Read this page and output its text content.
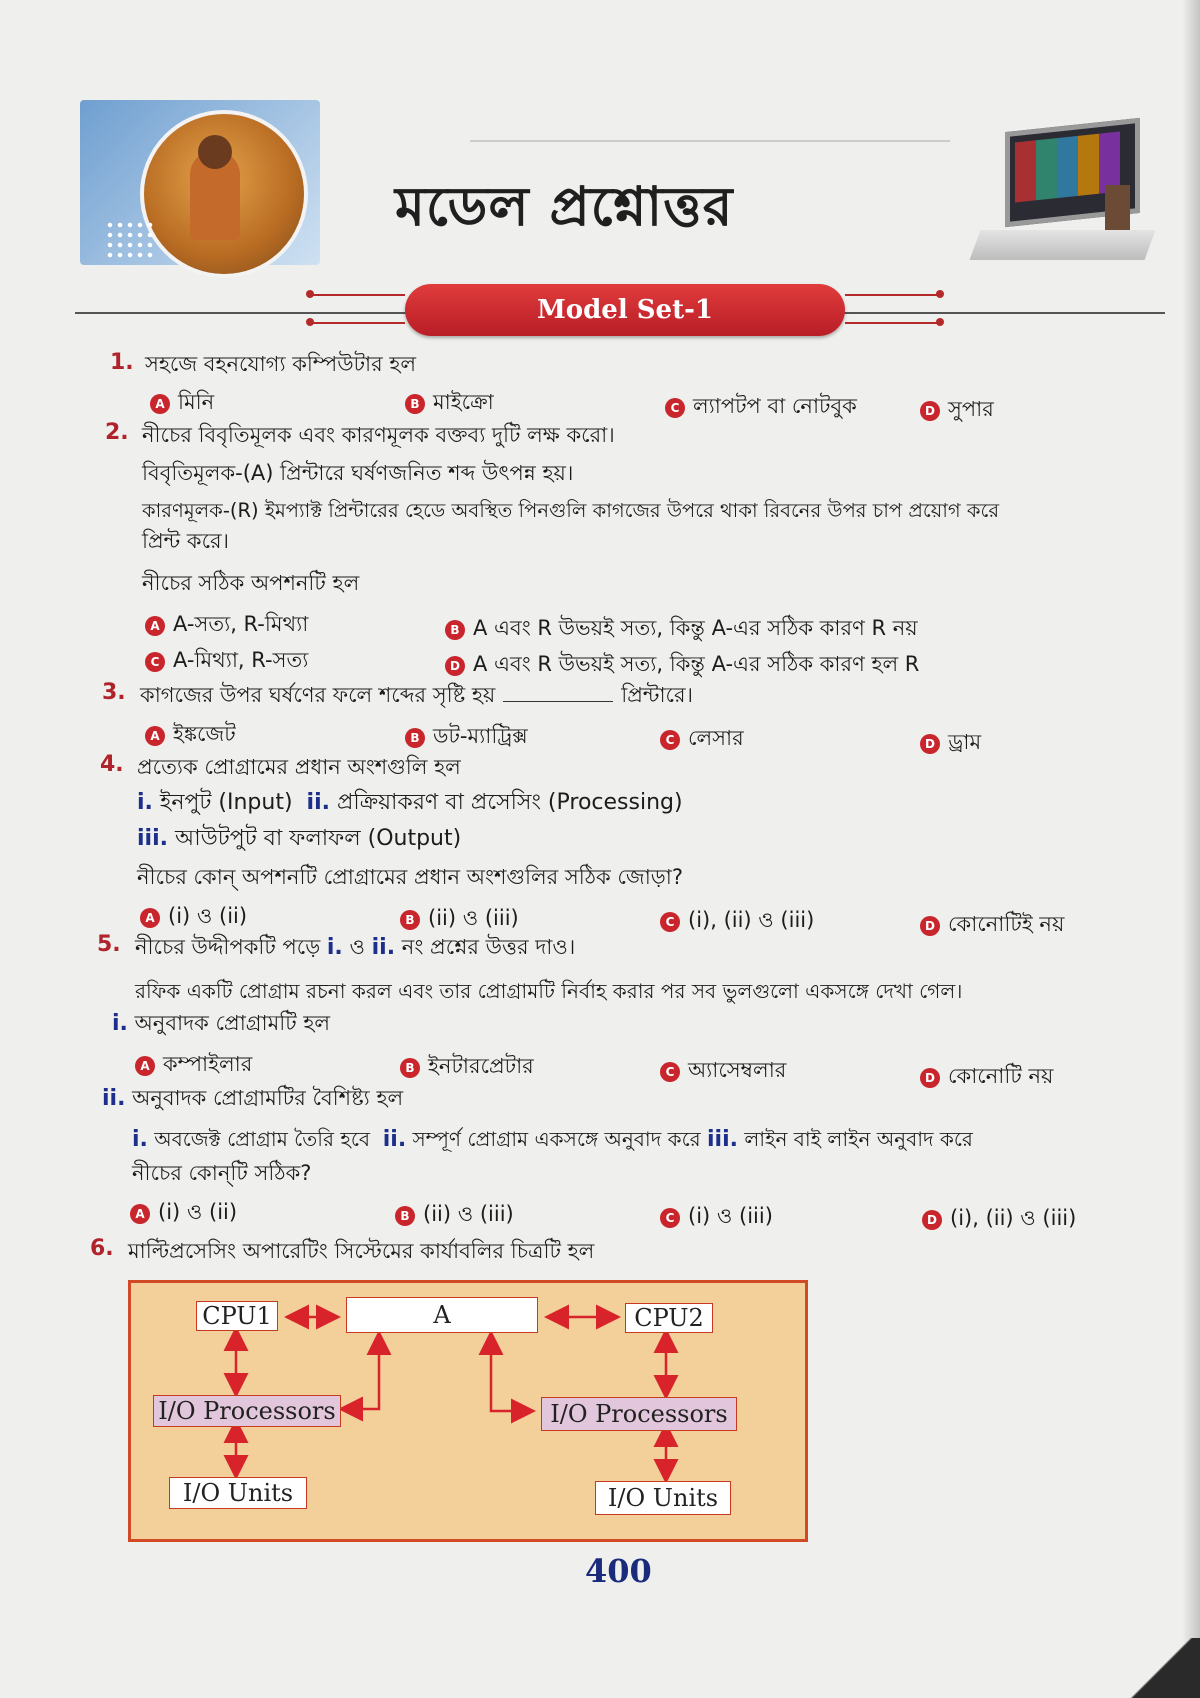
মডেল প্রশ্নোত্তর
Model Set-1
1. সহজে বহনযোগ্য কম্পিউটার হল
A মিনি	B মাইক্রো	C ল্যাপটপ বা নোটবুক	D সুপার
2. নীচের বিবৃতিমূলক এবং কারণমূলক বক্তব্য দুটি লক্ষ করো।
বিবৃতিমূলক-(A) প্রিন্টারে ঘর্ষণজনিত শব্দ উৎপন্ন হয়।
কারণমূলক-(R) ইমপ্যাক্ট প্রিন্টারের হেডে অবস্থিত পিনগুলি কাগজের উপরে থাকা রিবনের উপর চাপ প্রয়োগ করে
প্রিন্ট করে।
নীচের সঠিক অপশনটি হল
A A-সত্য, R-মিথ্যা	B A এবং R উভয়ই সত্য, কিন্তু A-এর সঠিক কারণ R নয়
C A-মিথ্যা, R-সত্য	D A এবং R উভয়ই সত্য, কিন্তু A-এর সঠিক কারণ হল R
3. কাগজের উপর ঘর্ষণের ফলে শব্দের সৃষ্টি হয়	প্রিন্টারে।
A ইঙ্কজেট	B ডট-ম্যাট্রিক্স	C লেসার	D ড্রাম
4. প্রত্যেক প্রোগ্রামের প্রধান অংশগুলি হল
i. ইনপুট (Input) ii. প্রক্রিয়াকরণ বা প্রসেসিং (Processing)
iii. আউটপুট বা ফলাফল (Output)
নীচের কোন্ অপশনটি প্রোগ্রামের প্রধান অংশগুলির সঠিক জোড়া?
A (i) ও (ii)	B (ii) ও (iii)	C (i), (ii) ও (iii)	D কোনোটিই নয়
5. নীচের উদ্দীপকটি পড়ে i. ও ii. নং প্রশ্নের উত্তর দাও।
রফিক একটি প্রোগ্রাম রচনা করল এবং তার প্রোগ্রামটি নির্বাহ করার পর সব ভুলগুলো একসঙ্গে দেখা গেল।
i. অনুবাদক প্রোগ্রামটি হল
A কম্পাইলার	B ইনটারপ্রেটার	C অ্যাসেম্বলার	D কোনোটি নয়
ii. অনুবাদক প্রোগ্রামটির বৈশিষ্ট্য হল
i. অবজেক্ট প্রোগ্রাম তৈরি হবে ii. সম্পূর্ণ প্রোগ্রাম একসঙ্গে অনুবাদ করে iii. লাইন বাই লাইন অনুবাদ করে
নীচের কোন্‌টি সঠিক?
A (i) ও (ii)	B (ii) ও (iii)	C (i) ও (iii)	D (i), (ii) ও (iii)
6. মাল্টিপ্রসেসিং অপারেটিং সিস্টেমের কার্যাবলির চিত্রটি হল
CPU1	A	CPU2
I/O Processors	I/O Processors
I/O Units	I/O Units
400
